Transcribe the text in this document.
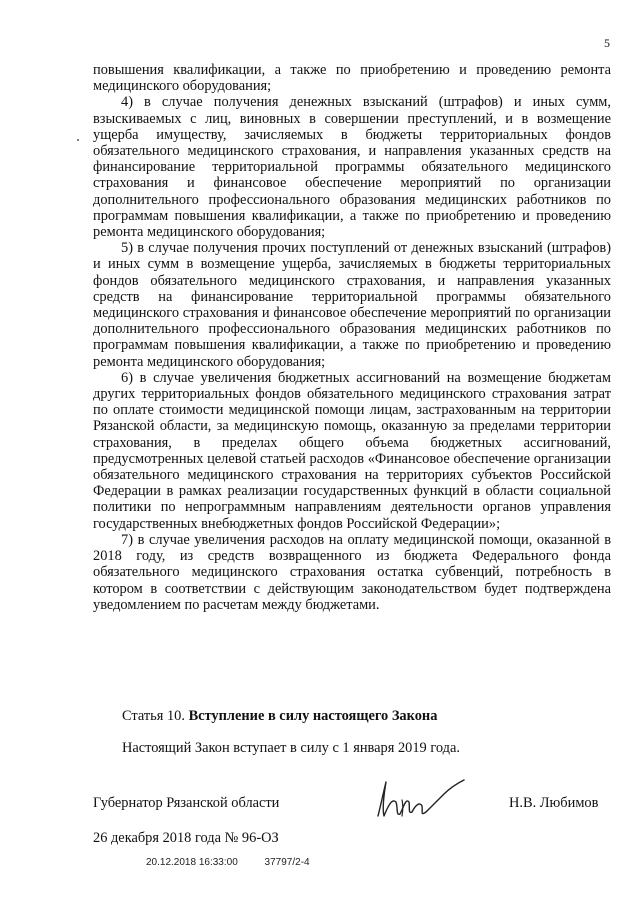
5

повышения квалификации, а также по приобретению и проведению ремонта медицинского оборудования;

4) в случае получения денежных взысканий (штрафов) и иных сумм, взыскиваемых с лиц, виновных в совершении преступлений, и в возмещение ущерба имуществу, зачисляемых в бюджеты территориальных фондов обязательного медицинского страхования, и направления указанных средств на финансирование территориальной программы обязательного медицинского страхования и финансовое обеспечение мероприятий по организации дополнительного профессионального образования медицинских работников по программам повышения квалификации, а также по приобретению и проведению ремонта медицинского оборудования;

5) в случае получения прочих поступлений от денежных взысканий (штрафов) и иных сумм в возмещение ущерба, зачисляемых в бюджеты территориальных фондов обязательного медицинского страхования, и направления указанных средств на финансирование территориальной программы обязательного медицинского страхования и финансовое обеспечение мероприятий по организации дополнительного профессионального образования медицинских работников по программам повышения квалификации, а также по приобретению и проведению ремонта медицинского оборудования;

6) в случае увеличения бюджетных ассигнований на возмещение бюджетам других территориальных фондов обязательного медицинского страхования затрат по оплате стоимости медицинской помощи лицам, застрахованным на территории Рязанской области, за медицинскую помощь, оказанную за пределами территории страхования, в пределах общего объема бюджетных ассигнований, предусмотренных целевой статьей расходов «Финансовое обеспечение организации обязательного медицинского страхования на территориях субъектов Российской Федерации в рамках реализации государственных функций в области социальной политики по непрограммным направлениям деятельности органов управления государственных внебюджетных фондов Российской Федерации»;

7) в случае увеличения расходов на оплату медицинской помощи, оказанной в 2018 году, из средств возвращенного из бюджета Федерального фонда обязательного медицинского страхования остатка субвенций, потребность в котором в соответствии с действующим законодательством будет подтверждена уведомлением по расчетам между бюджетами.

Статья 10. Вступление в силу настоящего Закона
Настоящий Закон вступает в силу с 1 января 2019 года.
Губернатор Рязанской области	Н.В. Любимов
26 декабря 2018 года № 96-ОЗ
20.12.2018 16:33:00	37797/2-4
